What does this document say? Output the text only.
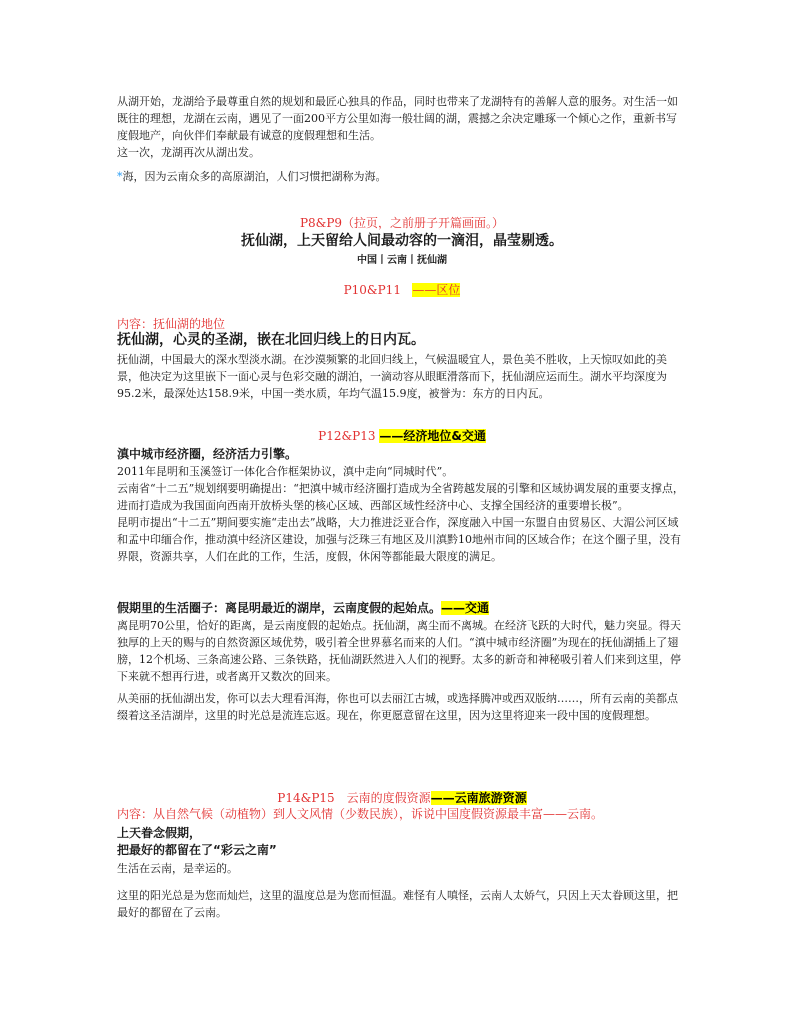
从湖开始，龙湖给予最尊重自然的规划和最匠心独具的作品，同时也带来了龙湖特有的善解人意的服务。对生活一如既往的理想，龙湖在云南，遇见了一面200平方公里如海一般壮阔的湖，震撼之余决定雕琢一个倾心之作，重新书写度假地产，向伙伴们奉献最有诚意的度假理想和生活。

这一次，龙湖再次从湖出发。

*海，因为云南众多的高原湖泊，人们习惯把湖称为海。

P8&P9（拉页，之前册子开篇画面。）

抚仙湖，上天留给人间最动容的一滴泪，晶莹剔透。

中国丨云南丨抚仙湖

P10&P11 ——区位

内容：抚仙湖的地位

抚仙湖，心灵的圣湖，嵌在北回归线上的日内瓦。

抚仙湖，中国最大的深水型淡水湖。在沙漠频繁的北回归线上，气候温暖宜人，景色美不胜收，上天惊叹如此的美景，他决定为这里嵌下一面心灵与色彩交融的湖泊，一滴动容从眼眶滑落而下，抚仙湖应运而生。湖水平均深度为95.2米，最深处达158.9米，中国一类水质，年均气温15.9度，被誉为：东方的日内瓦。

P12&P13 ——经济地位&交通

滇中城市经济圈，经济活力引擎。

2011年昆明和玉溪签订一体化合作框架协议，滇中走向“同城时代”。

云南省“十二五”规划纲要明确提出：“把滇中城市经济圈打造成为全省跨越发展的引擎和区域协调发展的重要支撑点，进而打造成为我国面向西南开放桥头堡的核心区域、西部区域性经济中心、支撑全国经济的重要增长极”。

昆明市提出“十二五”期间要实施“走出去”战略，大力推进泛亚合作，深度融入中国一东盟自由贸易区、大湄公河区域和孟中印缅合作，推动滇中经济区建设，加强与泛珠三有地区及川滇黔10地州市间的区域合作；在这个圈子里，没有界限，资源共享，人们在此的工作，生活，度假，休闲等都能最大限度的满足。

假期里的生活圈子：离昆明最近的湖岸，云南度假的起始点。——交通

离昆明70公里，恰好的距离，是云南度假的起始点。抚仙湖，离尘而不离城。在经济飞跃的大时代，魅力突显。得天独厚的上天的赐与的自然资源区域优势，吸引着全世界慕名而来的人们。“滇中城市经济圈”为现在的抚仙湖插上了翅膀，12个机场、三条高速公路、三条铁路，抚仙湖跃然进入人们的视野。太多的新奇和神秘吸引着人们来到这里，停下来就不想再行进，或者离开又数次的回来。

从美丽的抚仙湖出发，你可以去大理看洱海，你也可以去丽江古城，或选择腾冲或西双版纳……，所有云南的美都点缀着这圣洁湖岸，这里的时光总是流连忘返。现在，你更愿意留在这里，因为这里将迎来一段中国的度假理想。

P14&P15　云南的度假资源——云南旅游资源

内容：从自然气候（动植物）到人文风情（少数民族），诉说中国度假资源最丰富——云南。

上天眷念假期，

把最好的都留在了“彩云之南”

生活在云南，是幸运的。

这里的阳光总是为您而灿烂，这里的温度总是为您而恒温。难怪有人嗔怪，云南人太娇气，只因上天太眷顾这里，把最好的都留在了云南。
